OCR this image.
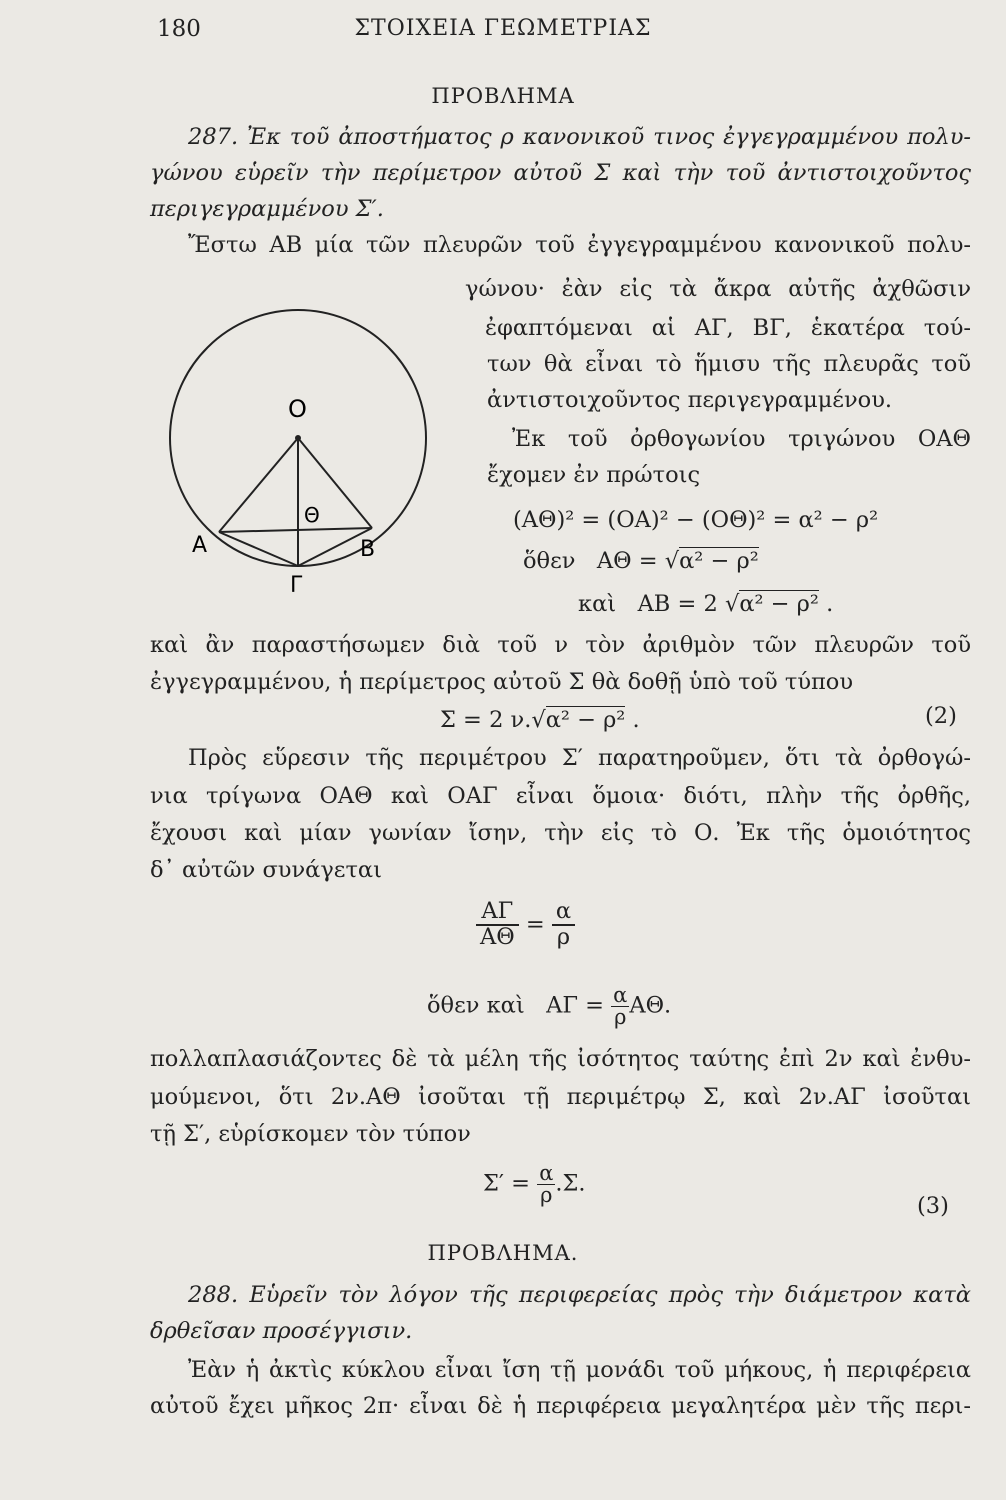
180	ΣΤΟΙΧΕΙΑ ΓΕΩΜΕΤΡΙΑΣ
ΠΡΟΒΛΗΜΑ
287. Ἐκ τοῦ ἀποστήματος ρ κανονικοῦ τινος ἐγγεγραμμένου πολυ-
γώνου εὑρεῖν τὴν περίμετρον αὐτοῦ Σ καὶ τὴν τοῦ ἀντιστοιχοῦντος
περιγεγραμμένου Σ′.
Ἔστω ΑΒ μία τῶν πλευρῶν τοῦ ἐγγεγραμμένου κανονικοῦ πολυ-
γώνου· ἐὰν εἰς τὰ ἄκρα αὐτῆς ἀχθῶσιν
ἐφαπτόμεναι αἱ ΑΓ, ΒΓ, ἑκατέρα τού-
των θὰ εἶναι τὸ ἥμισυ τῆς πλευρᾶς τοῦ
ἀντιστοιχοῦντος περιγεγραμμένου.
Ἐκ τοῦ ὀρθογωνίου τριγώνου ΟΑΘ
ἔχομεν ἐν πρώτοις
O
Θ
A	B
Γ
(ΑΘ)² = (ΟΑ)² − (ΟΘ)² = α² − ρ²
ὅθεν ΑΘ = √α² − ρ²
καὶ ΑΒ = 2 √α² − ρ² .
καὶ ἂν παραστήσωμεν διὰ τοῦ ν τὸν ἀριθμὸν τῶν πλευρῶν τοῦ
ἐγγεγραμμένου, ἡ περίμετρος αὐτοῦ Σ θὰ δοθῇ ὑπὸ τοῦ τύπου
Σ = 2 ν.√α² − ρ² .	(2)
Πρὸς εὕρεσιν τῆς περιμέτρου Σ′ παρατηροῦμεν, ὅτι τὰ ὀρθογώ-
νια τρίγωνα ΟΑΘ καὶ ΟΑΓ εἶναι ὅμοια· διότι, πλὴν τῆς ὀρθῆς,
ἔχουσι καὶ μίαν γωνίαν ἴσην, τὴν εἰς τὸ Ο. Ἐκ τῆς ὁμοιότητος
δ᾽ αὐτῶν συνάγεται
$\frac{A\Gamma}{A\Theta} = \frac{\alpha}{\rho}$
ὅθεν καὶ $A\Gamma = \frac{\alpha}{\rho} A\Theta$.
πολλαπλασιάζοντες δὲ τὰ μέλη τῆς ἰσότητος ταύτης ἐπὶ 2ν καὶ ἐνθυ-
μούμενοι, ὅτι 2ν.ΑΘ ἰσοῦται τῇ περιμέτρῳ Σ, καὶ 2ν.ΑΓ ἰσοῦται
τῇ Σ′, εὑρίσκομεν τὸν τύπον
$\Sigma' = \frac{\alpha}{\rho} .\Sigma$.
(3)
ΠΡΟΒΛΗΜΑ.
288. Εὑρεῖν τὸν λόγον τῆς περιφερείας πρὸς τὴν διάμετρον κατὰ
δρθεῖσαν προσέγγισιν.
Ἐὰν ἡ ἀκτὶς κύκλου εἶναι ἴση τῇ μονάδι τοῦ μήκους, ἡ περιφέρεια
αὐτοῦ ἔχει μῆκος 2π· εἶναι δὲ ἡ περιφέρεια μεγαλητέρα μὲν τῆς περι-
